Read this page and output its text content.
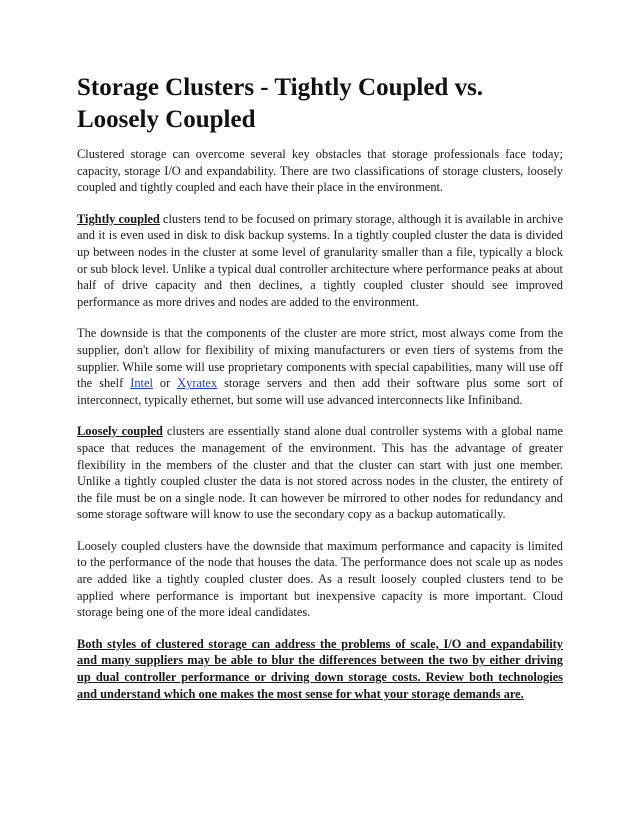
Storage Clusters - Tightly Coupled vs. Loosely Coupled

Clustered storage can overcome several key obstacles that storage professionals face today; capacity, storage I/O and expandability. There are two classifications of storage clusters, loosely coupled and tightly coupled and each have their place in the environment.

Tightly coupled clusters tend to be focused on primary storage, although it is available in archive and it is even used in disk to disk backup systems. In a tightly coupled cluster the data is divided up between nodes in the cluster at some level of granularity smaller than a file, typically a block or sub block level. Unlike a typical dual controller architecture where performance peaks at about half of drive capacity and then declines, a tightly coupled cluster should see improved performance as more drives and nodes are added to the environment.

The downside is that the components of the cluster are more strict, most always come from the supplier, don't allow for flexibility of mixing manufacturers or even tiers of systems from the supplier. While some will use proprietary components with special capabilities, many will use off the shelf Intel or Xyratex storage servers and then add their software plus some sort of interconnect, typically ethernet, but some will use advanced interconnects like Infiniband.

Loosely coupled clusters are essentially stand alone dual controller systems with a global name space that reduces the management of the environment. This has the advantage of greater flexibility in the members of the cluster and that the cluster can start with just one member. Unlike a tightly coupled cluster the data is not stored across nodes in the cluster, the entirety of the file must be on a single node. It can however be mirrored to other nodes for redundancy and some storage software will know to use the secondary copy as a backup automatically.

Loosely coupled clusters have the downside that maximum performance and capacity is limited to the performance of the node that houses the data. The performance does not scale up as nodes are added like a tightly coupled cluster does. As a result loosely coupled clusters tend to be applied where performance is important but inexpensive capacity is more important. Cloud storage being one of the more ideal candidates.

Both styles of clustered storage can address the problems of scale, I/O and expandability and many suppliers may be able to blur the differences between the two by either driving up dual controller performance or driving down storage costs. Review both technologies and understand which one makes the most sense for what your storage demands are.
